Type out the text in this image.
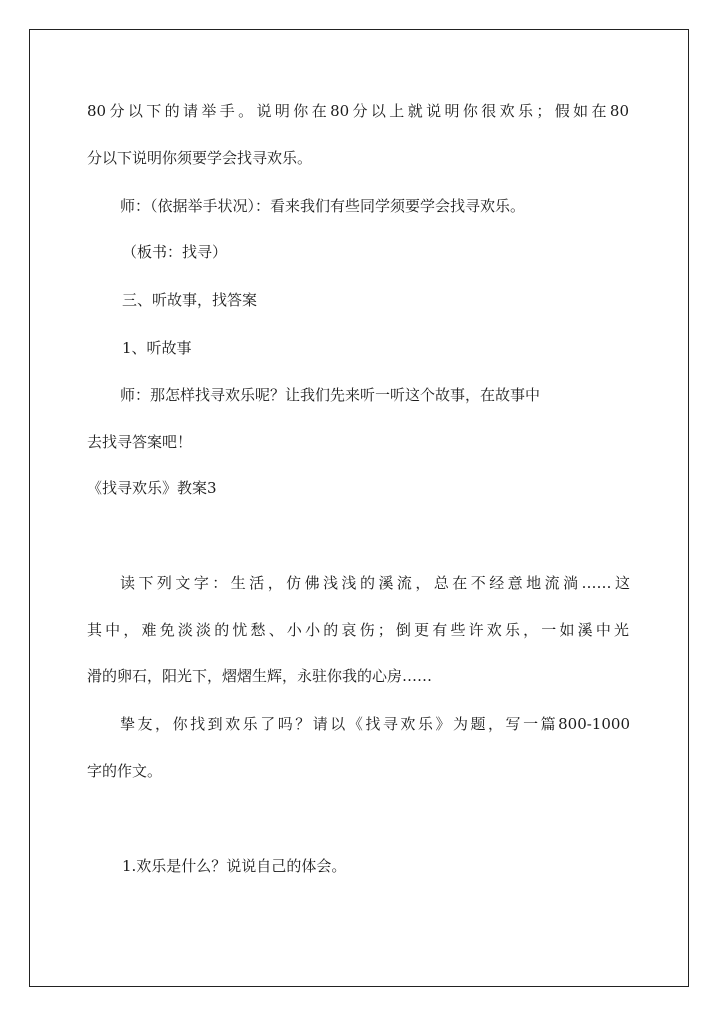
80分以下的请举手。说明你在80分以上就说明你很欢乐；假如在80
分以下说明你须要学会找寻欢乐。
师：（依据举手状况）：看来我们有些同学须要学会找寻欢乐。
（板书：找寻）
三、听故事，找答案
1、听故事
师：那怎样找寻欢乐呢？让我们先来听一听这个故事，在故事中
去找寻答案吧！
《找寻欢乐》教案3
读下列文字：生活，仿佛浅浅的溪流，总在不经意地流淌……这
其中，难免淡淡的忧愁、小小的哀伤；倒更有些许欢乐，一如溪中光
滑的卵石，阳光下，熠熠生辉，永驻你我的心房……
挚友，你找到欢乐了吗？请以《找寻欢乐》为题，写一篇800-1000
字的作文。
1.欢乐是什么？说说自己的体会。
